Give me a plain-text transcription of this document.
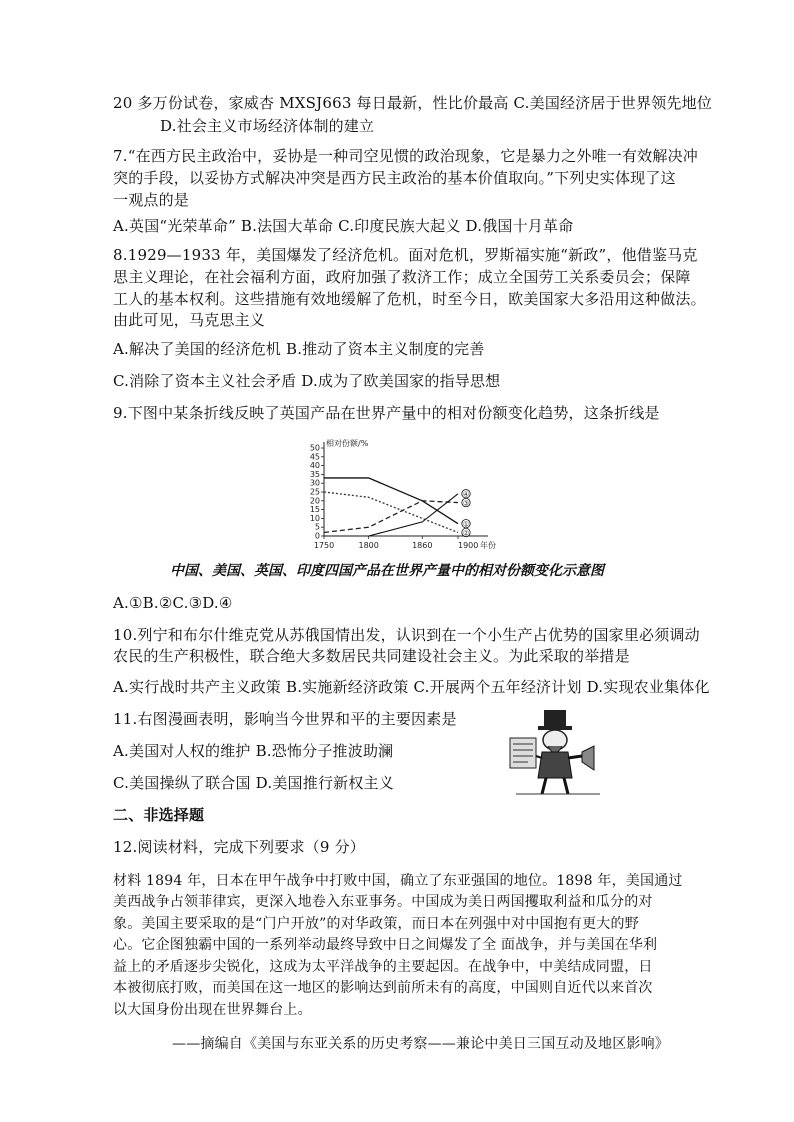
20 多万份试卷，家威杏 MXSJ663 每日最新，性比价最高 C.美国经济居于世界领先地位
D.社会主义市场经济体制的建立
7.“在西方民主政治中，妥协是一种司空见惯的政治现象，它是暴力之外唯一有效解决冲
突的手段，以妥协方式解决冲突是西方民主政治的基本价值取向。”下列史实体现了这
一观点的是
A.英国“光荣革命” B.法国大革命 C.印度民族大起义 D.俄国十月革命
8.1929—1933 年，美国爆发了经济危机。面对危机，罗斯福实施“新政”，他借鉴马克
思主义理论，在社会福利方面，政府加强了救济工作；成立全国劳工关系委员会；保障
工人的基本权利。这些措施有效地缓解了危机，时至今日，欧美国家大多沿用这种做法。
由此可见，马克思主义
A.解决了美国的经济危机 B.推动了资本主义制度的完善
C.消除了资本主义社会矛盾 D.成为了欧美国家的指导思想
9.下图中某条折线反映了英国产品在世界产量中的相对份额变化趋势，这条折线是
0
5
10
15
20
25
30
35
40
45
50 相对份额/%
1750	1800	1860	1900 年份
①
②
③
④
中国、美国、英国、印度四国产品在世界产量中的相对份额变化示意图
A.①B.②C.③D.④
10.列宁和布尔什维克党从苏俄国情出发，认识到在一个小生产占优势的国家里必须调动
农民的生产积极性，联合绝大多数居民共同建设社会主义。为此采取的举措是
A.实行战时共产主义政策 B.实施新经济政策 C.开展两个五年经济计划 D.实现农业集体化
11.右图漫画表明，影响当今世界和平的主要因素是
A.美国对人权的维护 B.恐怖分子推波助澜
C.美国操纵了联合国 D.美国推行新权主义
二、非选择题
12.阅读材料，完成下列要求（9 分）
材料 1894 年，日本在甲午战争中打败中国，确立了东亚强国的地位。1898 年，美国通过
美西战争占领菲律宾，更深入地卷入东亚事务。中国成为美日两国攫取利益和瓜分的对
象。美国主要采取的是“门户开放”的对华政策，而日本在列强中对中国抱有更大的野
心。它企图独霸中国的一系列举动最终导致中日之间爆发了全 面战争，并与美国在华利
益上的矛盾逐步尖锐化，这成为太平洋战争的主要起因。在战争中，中美结成同盟，日
本被彻底打败，而美国在这一地区的影响达到前所未有的高度，中国则自近代以来首次
以大国身份出现在世界舞台上。
——摘编自《美国与东亚关系的历史考察——兼论中美日三国互动及地区影响》
